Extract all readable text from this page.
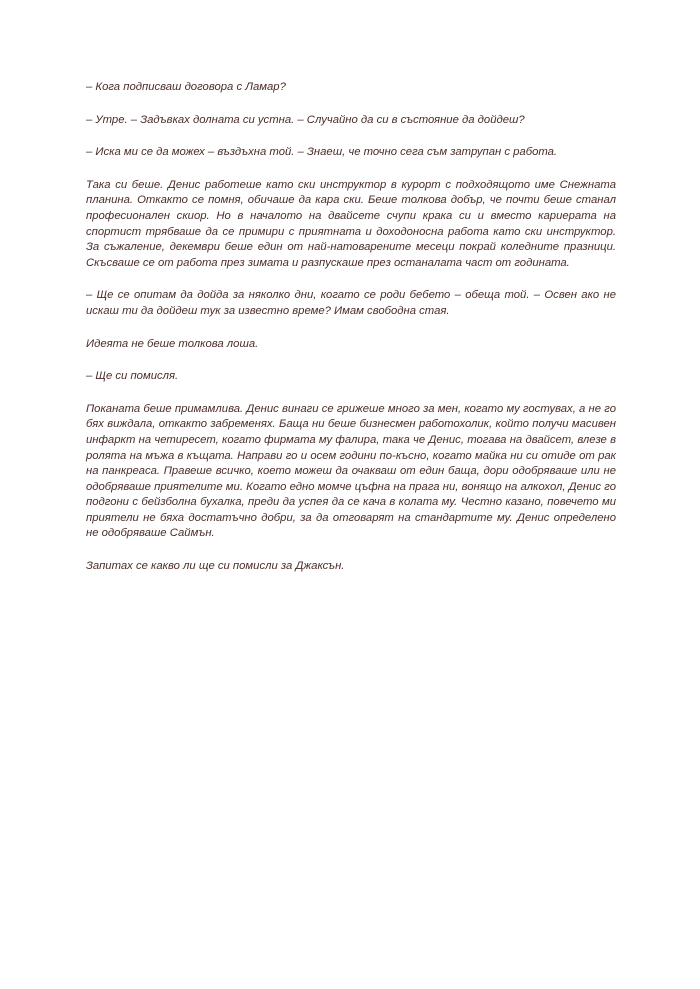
– Кога подписваш договора с Ламар?

– Утре. – Задъвках долната си устна. – Случайно да си в състояние да дойдеш?

– Иска ми се да можех – въздъхна той. – Знаеш, че точно сега съм затрупан с работа.

Така си беше. Денис работеше като ски инструктор в курорт с подходящото име Снежната планина. Откакто се помня, обичаше да кара ски. Беше толкова добър, че почти беше станал професионален скиор. Но в началото на двайсете счупи крака си и вместо кариерата на спортист трябваше да се примири с приятната и доходоносна работа като ски инструктор. За съжаление, декември беше един от най-натоварените месеци покрай коледните празници. Скъсваше се от работа през зимата и разпускаше през останалата част от годината.

– Ще се опитам да дойда за няколко дни, когато се роди бебето – обеща той. – Освен ако не искаш ти да дойдеш тук за известно време? Имам свободна стая.

Идеята не беше толкова лоша.

– Ще си помисля.

Поканата беше примамлива. Денис винаги се грижеше много за мен, когато му гостувах, а не го бях виждала, откакто забременях. Баща ни беше бизнесмен работохолик, който получи масивен инфаркт на четиресет, когато фирмата му фалира, така че Денис, тогава на двайсет, влезе в ролята на мъжа в къщата. Направи го и осем години по-късно, когато майка ни си отиде от рак на панкреаса. Правеше всичко, което можеш да очакваш от един баща, дори одобряваше или не одобряваше приятелите ми. Когато едно момче цъфна на прага ни, вонящо на алкохол, Денис го подгони с бейзболна бухалка, преди да успея да се кача в колата му. Честно казано, повечето ми приятели не бяха достатъчно добри, за да отговарят на стандартите му. Денис определено не одобряваше Саймън.

Запитах се какво ли ще си помисли за Джаксън.
